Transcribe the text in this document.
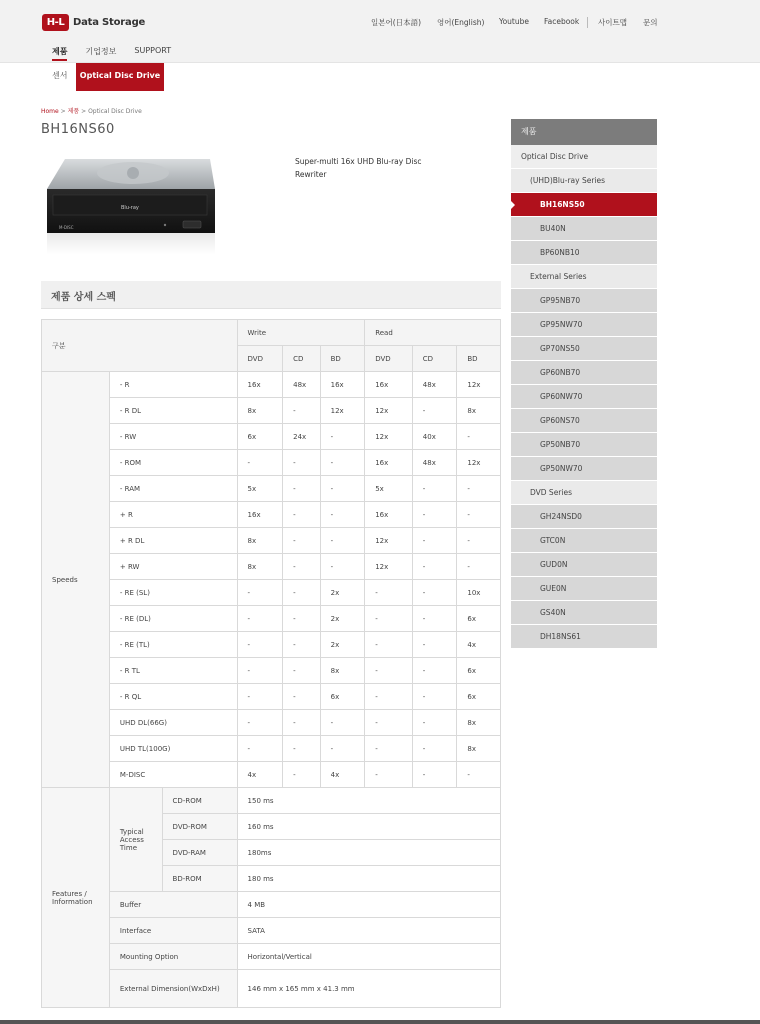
H-L Data Storage	일본어(日本語) 영어(English) Youtube Facebook	사이트맵 문의
제품 기업정보 SUPPORT
센서	Optical Disc Drive
Home > 제품 > Optical Disc Drive
BH16NS60
Blu-ray
M-DISC
Super-multi 16x UHD Blu-ray Disc Rewriter
제품 상세 스펙
구분			Write			Read		
			DVD	CD	BD	DVD	CD	BD
Speeds	- R		16x	48x	16x	16x	48x	12x
	- R DL		8x	-	12x	12x	-	8x
	- RW		6x	24x	-	12x	40x	-
	- ROM		-	-	-	16x	48x	12x
	- RAM		5x	-	-	5x	-	-
	+ R		16x	-	-	16x	-	-
	+ R DL		8x	-	-	12x	-	-
	+ RW		8x	-	-	12x	-	-
	- RE (SL)		-	-	2x	-	-	10x
	- RE (DL)		-	-	2x	-	-	6x
	- RE (TL)		-	-	2x	-	-	4x
	- R TL		-	-	8x	-	-	6x
	- R QL		-	-	6x	-	-	6x
	UHD DL(66G)		-	-	-	-	-	8x
	UHD TL(100G)		-	-	-	-	-	8x
	M-DISC		4x	-	4x	-	-	-
Features / Information	Typical Access Time	CD-ROM	150 ms					
		DVD-ROM	160 ms					
		DVD-RAM	180ms					
		BD-ROM	180 ms					
	Buffer		4 MB					
	Interface		SATA					
	Mounting Option		Horizontal/Vertical					
	External Dimension(WxDxH)		146 mm x 165 mm x 41.3 mm					
제품
Optical Disc Drive
(UHD)Blu-ray Series
BH16NS50
BU40N
BP60NB10
External Series
GP95NB70
GP95NW70
GP70NS50
GP60NB70
GP60NW70
GP60NS70
GP50NB70
GP50NW70
DVD Series
GH24NSD0
GTC0N
GUD0N
GUE0N
GS40N
DH18NS61
